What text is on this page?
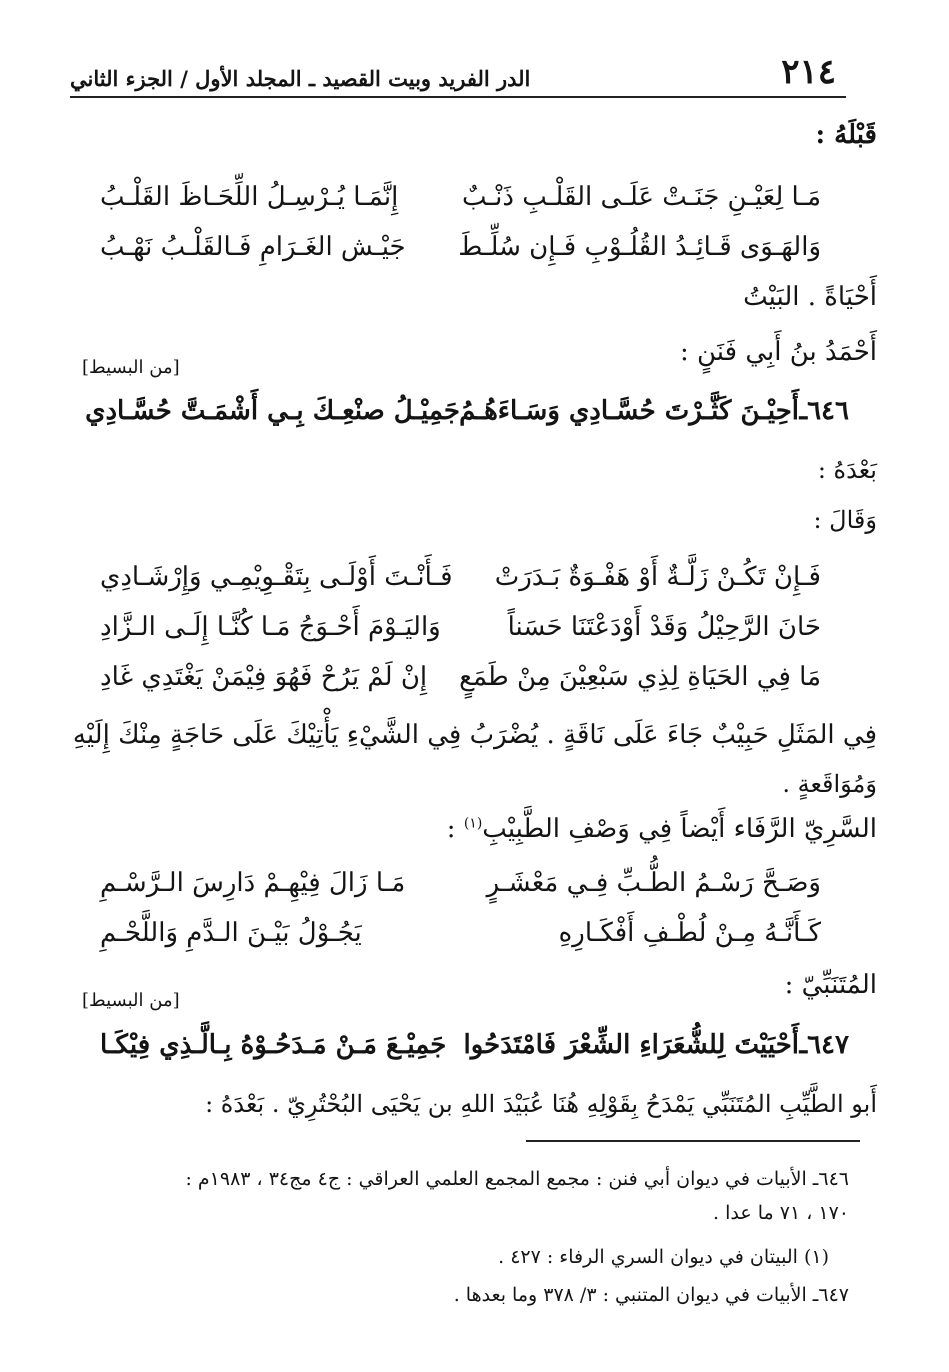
٢١٤
الدر الفريد وبيت القصيد ـ المجلد الأول / الجزء الثاني
قَبْلَهُ :
مَـا لِعَيْـنِ جَنَـتْ عَلَـى القَلْـبِ ذَنْـبٌ
إِنَّمَـا يُـرْسِـلُ اللِّحَـاظَ القَلْـبُ
وَالهَـوَى قَـائِـدُ القُلُـوْبِ فَـإِن سُلِّـطَ
جَيْـش الغَـرَامِ فَـالقَلْـبُ نَهْـبُ
أَحْيَاةً . البَيْتُ
أَحْمَدُ بنُ أَبِي فَنَنٍ :
[من البسيط]
أَحِيْـنَ كَثَّـرْتَ حُسَّـادِي وَسَـاءَهُـمُ ٦٤٦ـ
جَمِيْـلُ صنْعِـكَ بِـي أَشْمَـتَّ حُسَّـادِي
بَعْدَهُ :
وَقَالَ :
فَـإِنْ تَكُـنْ زَلَّـةٌ أَوْ هَفْـوَةٌ بَـدَرَتْ
فَـأَنْـتَ أَوْلَـى بِتَقْـوِيْمِـي وَإِرْشَـادِي
حَانَ الرَّحِيْلُ وَقَدْ أَوْدَعْتَنَا حَسَناً
وَاليَـوْمَ أَحْـوَجُ مَـا كُنَّـا إِلَـى الـزَّادِ
مَا فِي الحَيَاةِ لِذِي سَبْعِيْنَ مِنْ طَمَعٍ
إِنْ لَمْ يَرُحْ فَهُوَ فِيْمَنْ يَغْتَدِي غَادِ
فِي المَثَلِ حَبِيْبٌ جَاءَ عَلَى نَاقَةٍ . يُضْرَبُ فِي الشَّيْءِ يَأْتِيْكَ عَلَى حَاجَةٍ مِنْكَ إِلَيْهِ
وَمُوَاقَعةٍ .
السَّرِيّ الرَّفَاء أَيْضاً فِي وَصْفِ الطَّبِيْبِ$^{(١)}$ :
وَصَـحَّ رَسْـمُ الطُّـبِّ فِـي مَعْشَـرٍ
مَـا زَالَ فِيْهِـمْ دَارِسَ الـرَّسْـمِ
كَـأَنَّـهُ مِـنْ لُطْـفِ أَفْكَـارِهِ
يَجُـوْلُ بَيْـنَ الـدَّمِ وَاللَّحْـمِ
المُتَنَبِّيّ :
[من البسيط]
أَحْيَيْتَ لِلشُّعَرَاءِ الشِّعْرَ فَامْتَدَحُوا ٦٤٧ـ
جَمِيْـعَ مَـنْ مَـدَحُـوْهُ بِـالَّـذِي فِيْكَـا
أَبو الطَّيِّبِ المُتَنَبِّي يَمْدَحُ بِقَوْلِهِ هُنَا عُبَيْدَ اللهِ بن يَحْيَى البُحْتُرِيّ . بَعْدَهُ :
٦٤٦ـ الأبيات في ديوان أبي فنن : مجمع المجمع العلمي العراقي : ج٤ مج٣٤ ، ١٩٨٣م :
١٧٠ ، ٧١ ما عدا .
(١) البيتان في ديوان السري الرفاء : ٤٢٧ .
٦٤٧ـ الأبيات في ديوان المتنبي : ٣/ ٣٧٨ وما بعدها .
